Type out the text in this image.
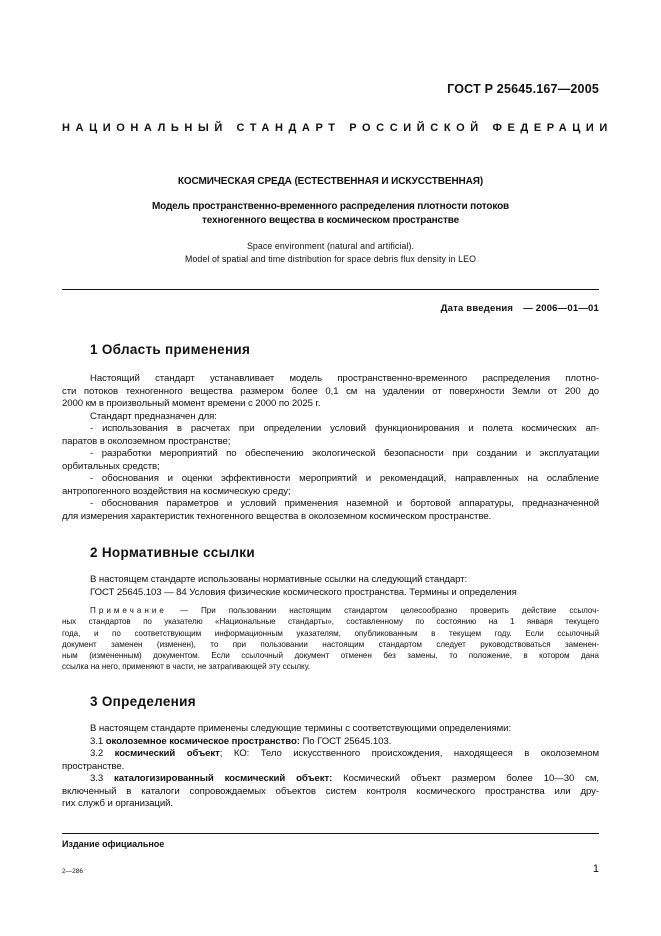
ГОСТ Р 25645.167—2005
НАЦИОНАЛЬНЫЙ СТАНДАРТ РОССИЙСКОЙ ФЕДЕРАЦИИ
КОСМИЧЕСКАЯ СРЕДА (ЕСТЕСТВЕННАЯ И ИСКУССТВЕННАЯ)
Модель пространственно-временного распределения плотности потоков
техногенного вещества в космическом пространстве
Space environment (natural and artificial).
Model of spatial and time distribution for space debris flux density in LEO
Дата введения — 2006—01—01
1 Область применения
Настоящий стандарт устанавливает модель пространственно-временного распределения плотно-
сти потоков техногенного вещества размером более 0,1 см на удалении от поверхности Земли от 200 до
2000 км в произвольный момент времени с 2000 по 2025 г.
Стандарт предназначен для:
- использования в расчетах при определении условий функционирования и полета космических ап-
паратов в околоземном пространстве;
- разработки мероприятий по обеспечению экологической безопасности при создании и эксплуатации
орбитальных средств;
- обоснования и оценки эффективности мероприятий и рекомендаций, направленных на ослабление
антропогенного воздействия на космическую среду;
- обоснования параметров и условий применения наземной и бортовой аппаратуры, предназначенной
для измерения характеристик техногенного вещества в околоземном космическом пространстве.
2 Нормативные ссылки
В настоящем стандарте использованы нормативные ссылки на следующий стандарт:
ГОСТ 25645.103 — 84 Условия физические космического пространства. Термины и определения
Примечание — При пользовании настоящим стандартом целесообразно проверить действие ссылоч-
ных стандартов по указателю «Национальные стандарты», составленному по состоянию на 1 января текущего
года, и по соответствующим информационным указателям, опубликованным в текущем году. Если ссылочный
документ заменен (изменен), то при пользовании настоящим стандартом следует руководствоваться заменен-
ным (измененным) документом. Если ссылочный документ отменен без замены, то положение, в котором дана
ссылка на него, применяют в части, не затрагивающей эту ссылку.
3 Определения
В настоящем стандарте применены следующие термины с соответствующими определениями:
3.1 околоземное космическое пространство: По ГОСТ 25645.103.
3.2 космический объект; КО: Тело искусственного происхождения, находящееся в околоземном
пространстве.
3.3 каталогизированный космический объект: Космический объект размером более 10—30 см,
включенный в каталоги сопровождаемых объектов систем контроля космического пространства или дру-
гих служб и организаций.
Издание официальное
2—286	1
